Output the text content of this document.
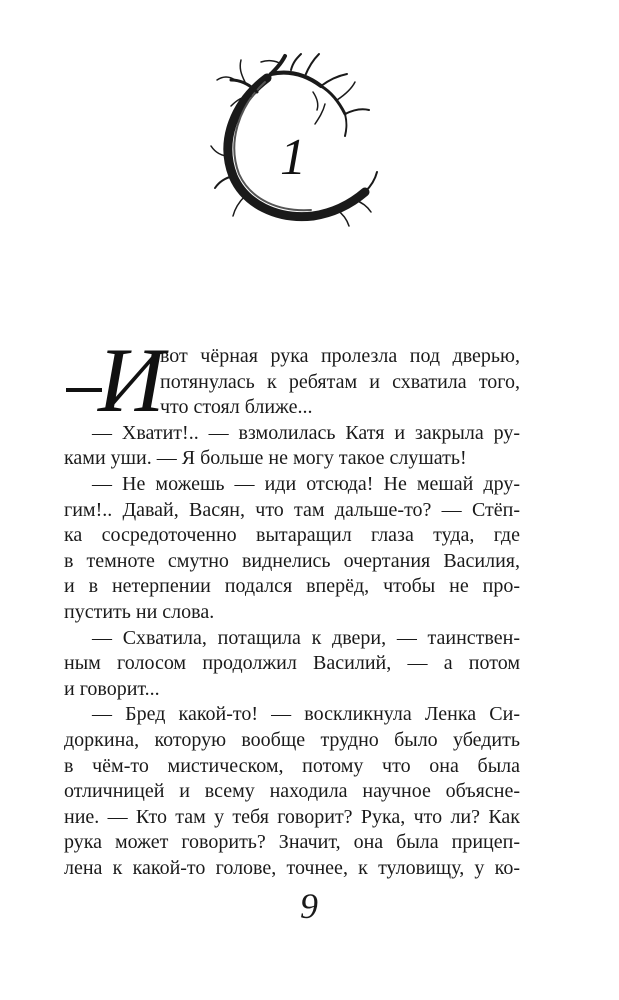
1
И
вот чёрная рука пролезла под дверью,
потянулась к ребятам и схватила того,
что стоял ближе...
— Хватит!.. — взмолилась Катя и закрыла ру-
ками уши. — Я больше не могу такое слушать!
— Не можешь — иди отсюда! Не мешай дру-
гим!.. Давай, Васян, что там дальше-то? — Стёп-
ка сосредоточенно вытаращил глаза туда, где
в темноте смутно виднелись очертания Василия,
и в нетерпении подался вперёд, чтобы не про-
пустить ни слова.
— Схватила, потащила к двери, — таинствен-
ным голосом продолжил Василий, — а потом
и говорит...
— Бред какой-то! — воскликнула Ленка Си-
доркина, которую вообще трудно было убедить
в чём-то мистическом, потому что она была
отличницей и всему находила научное объясне-
ние. — Кто там у тебя говорит? Рука, что ли? Как
рука может говорить? Значит, она была прицеп-
лена к какой-то голове, точнее, к туловищу, у ко-
9
